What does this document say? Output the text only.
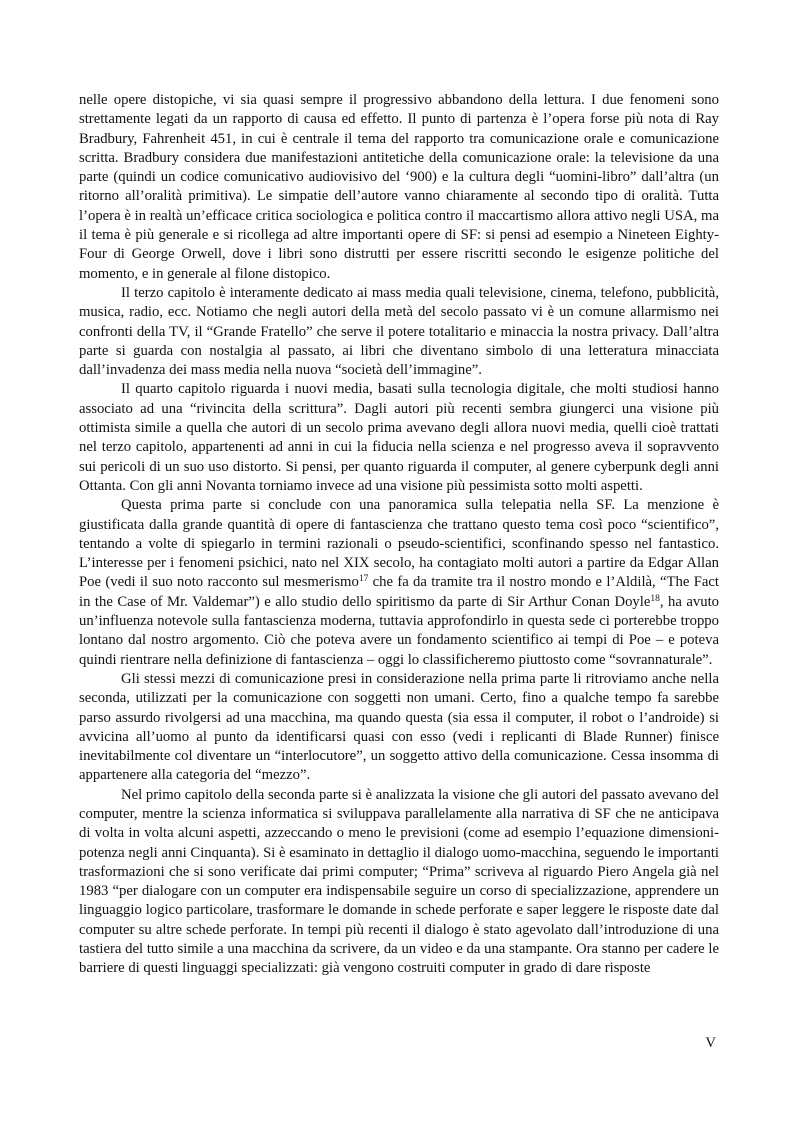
nelle opere distopiche, vi sia quasi sempre il progressivo abbandono della lettura. I due fenomeni sono strettamente legati da un rapporto di causa ed effetto. Il punto di partenza è l’opera forse più nota di Ray Bradbury, Fahrenheit 451, in cui è centrale il tema del rapporto tra comunicazione orale e comunicazione scritta. Bradbury considera due manifestazioni antitetiche della comunicazione orale: la televisione da una parte (quindi un codice comunicativo audiovisivo del ‘900) e la cultura degli “uomini-libro” dall’altra (un ritorno all’oralità primitiva). Le simpatie dell’autore vanno chiaramente al secondo tipo di oralità. Tutta l’opera è in realtà un’efficace critica sociologica e politica contro il maccartismo allora attivo negli USA, ma il tema è più generale e si ricollega ad altre importanti opere di SF: si pensi ad esempio a Nineteen Eighty-Four di George Orwell, dove i libri sono distrutti per essere riscritti secondo le esigenze politiche del momento, e in generale al filone distopico.

Il terzo capitolo è interamente dedicato ai mass media quali televisione, cinema, telefono, pubblicità, musica, radio, ecc. Notiamo che negli autori della metà del secolo passato vi è un comune allarmismo nei confronti della TV, il “Grande Fratello” che serve il potere totalitario e minaccia la nostra privacy. Dall’altra parte si guarda con nostalgia al passato, ai libri che diventano simbolo di una letteratura minacciata dall’invadenza dei mass media nella nuova “società dell’immagine”.

Il quarto capitolo riguarda i nuovi media, basati sulla tecnologia digitale, che molti studiosi hanno associato ad una “rivincita della scrittura”. Dagli autori più recenti sembra giungerci una visione più ottimista simile a quella che autori di un secolo prima avevano degli allora nuovi media, quelli cioè trattati nel terzo capitolo, appartenenti ad anni in cui la fiducia nella scienza e nel progresso aveva il sopravvento sui pericoli di un suo uso distorto. Si pensi, per quanto riguarda il computer, al genere cyberpunk degli anni Ottanta. Con gli anni Novanta torniamo invece ad una visione più pessimista sotto molti aspetti.

Questa prima parte si conclude con una panoramica sulla telepatia nella SF. La menzione è giustificata dalla grande quantità di opere di fantascienza che trattano questo tema così poco “scientifico”, tentando a volte di spiegarlo in termini razionali o pseudo-scientifici, sconfinando spesso nel fantastico. L’interesse per i fenomeni psichici, nato nel XIX secolo, ha contagiato molti autori a partire da Edgar Allan Poe (vedi il suo noto racconto sul mesmerismo$^{17}$ che fa da tramite tra il nostro mondo e l’Aldilà, “The Fact in the Case of Mr. Valdemar”) e allo studio dello spiritismo da parte di Sir Arthur Conan Doyle$^{18}$, ha avuto un’influenza notevole sulla fantascienza moderna, tuttavia approfondirlo in questa sede ci porterebbe troppo lontano dal nostro argomento. Ciò che poteva avere un fondamento scientifico ai tempi di Poe – e poteva quindi rientrare nella definizione di fantascienza – oggi lo classificheremo piuttosto come “sovrannaturale”.

Gli stessi mezzi di comunicazione presi in considerazione nella prima parte li ritroviamo anche nella seconda, utilizzati per la comunicazione con soggetti non umani. Certo, fino a qualche tempo fa sarebbe parso assurdo rivolgersi ad una macchina, ma quando questa (sia essa il computer, il robot o l’androide) si avvicina all’uomo al punto da identificarsi quasi con esso (vedi i replicanti di Blade Runner) finisce inevitabilmente col diventare un “interlocutore”, un soggetto attivo della comunicazione. Cessa insomma di appartenere alla categoria del “mezzo”.

Nel primo capitolo della seconda parte si è analizzata la visione che gli autori del passato avevano del computer, mentre la scienza informatica si sviluppava parallelamente alla narrativa di SF che ne anticipava di volta in volta alcuni aspetti, azzeccando o meno le previsioni (come ad esempio l’equazione dimensioni-potenza negli anni Cinquanta). Si è esaminato in dettaglio il dialogo uomo-macchina, seguendo le importanti trasformazioni che si sono verificate dai primi computer; “Prima” scriveva al riguardo Piero Angela già nel 1983 “per dialogare con un computer era indispensabile seguire un corso di specializzazione, apprendere un linguaggio logico particolare, trasformare le domande in schede perforate e saper leggere le risposte date dal computer su altre schede perforate. In tempi più recenti il dialogo è stato agevolato dall’introduzione di una tastiera del tutto simile a una macchina da scrivere, da un video e da una stampante. Ora stanno per cadere le barriere di questi linguaggi specializzati: già vengono costruiti computer in grado di dare risposte

V
